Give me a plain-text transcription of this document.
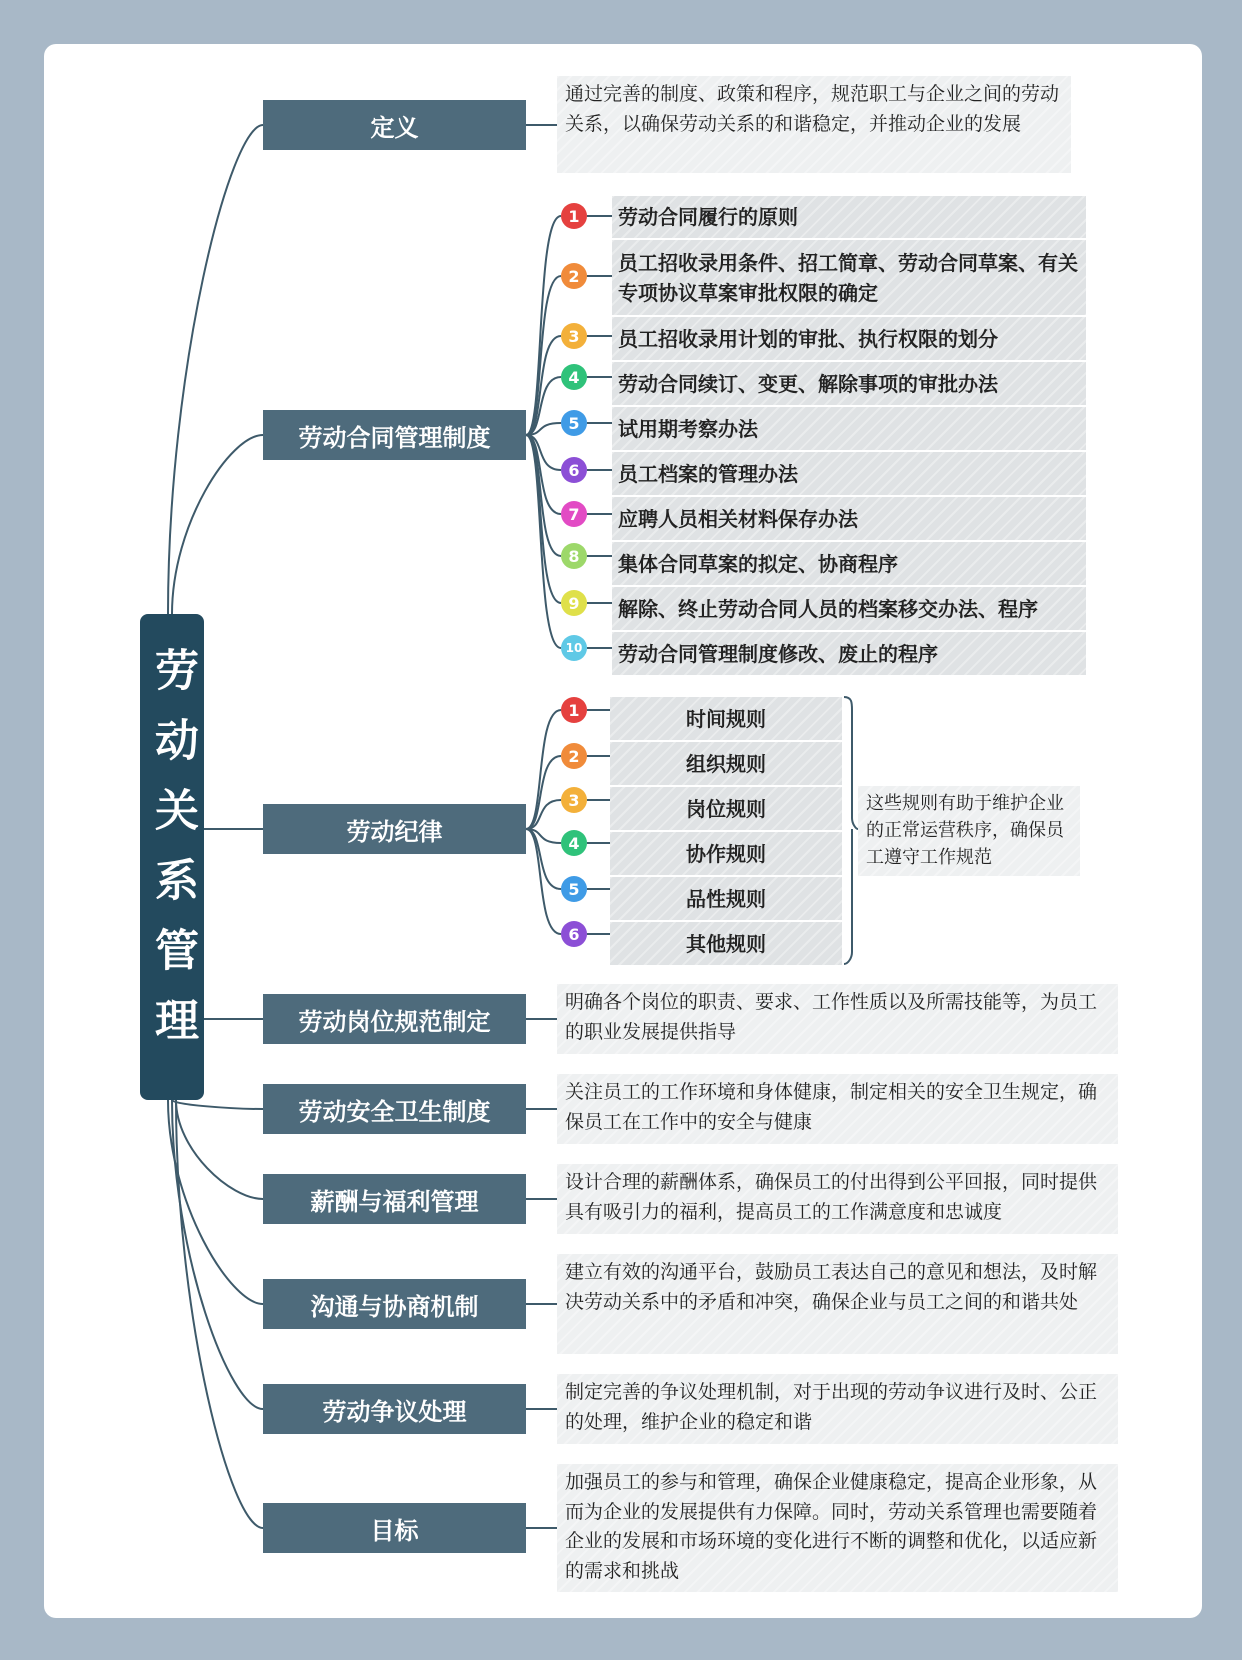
劳动关系管理
定义
劳动合同管理制度
劳动纪律
劳动岗位规范制定
劳动安全卫生制度
薪酬与福利管理
沟通与协商机制
劳动争议处理
目标
通过完善的制度、政策和程序，规范职工与企业之间的劳动关系，以确保劳动关系的和谐稳定，并推动企业的发展
明确各个岗位的职责、要求、工作性质以及所需技能等，为员工的职业发展提供指导
关注员工的工作环境和身体健康，制定相关的安全卫生规定，确保员工在工作中的安全与健康
设计合理的薪酬体系，确保员工的付出得到公平回报，同时提供具有吸引力的福利，提高员工的工作满意度和忠诚度
建立有效的沟通平台，鼓励员工表达自己的意见和想法，及时解决劳动关系中的矛盾和冲突，确保企业与员工之间的和谐共处
制定完善的争议处理机制，对于出现的劳动争议进行及时、公正的处理，维护企业的稳定和谐
加强员工的参与和管理，确保企业健康稳定，提高企业形象，从而为企业的发展提供有力保障。同时，劳动关系管理也需要随着企业的发展和市场环境的变化进行不断的调整和优化，以适应新的需求和挑战
这些规则有助于维护企业的正常运营秩序，确保员工遵守工作规范
劳动合同履行的原则
员工招收录用条件、招工简章、劳动合同草案、有关专项协议草案审批权限的确定
员工招收录用计划的审批、执行权限的划分
劳动合同续订、变更、解除事项的审批办法
试用期考察办法
员工档案的管理办法
应聘人员相关材料保存办法
集体合同草案的拟定、协商程序
解除、终止劳动合同人员的档案移交办法、程序
劳动合同管理制度修改、废止的程序
1
2
3
4
5
6
7
8
9
10
时间规则
组织规则
岗位规则
协作规则
品性规则
其他规则
1
2
3
4
5
6
